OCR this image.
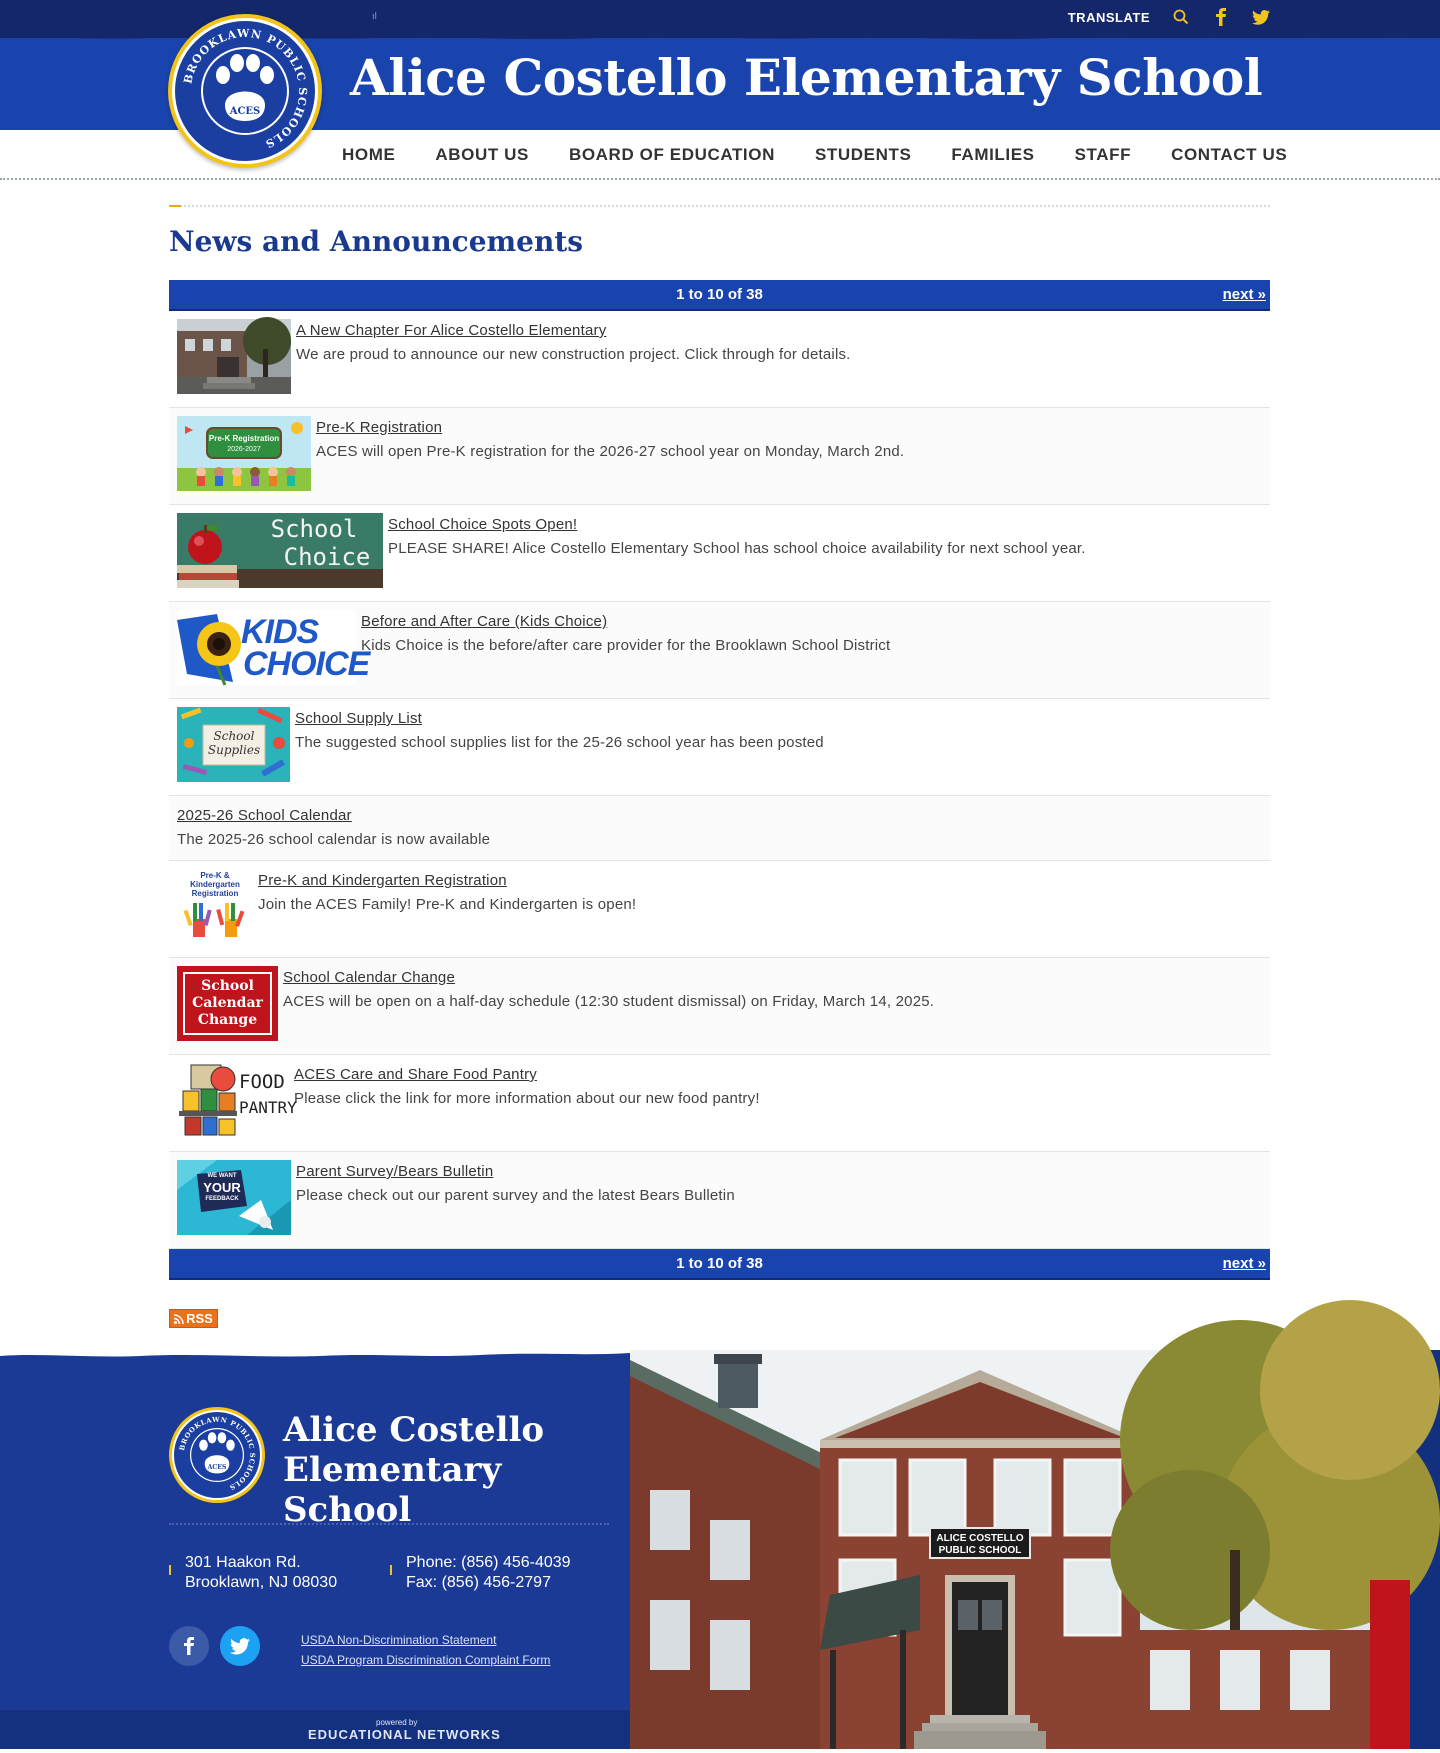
ıl	TRANSLATE
Alice Costello Elementary School
ACES
BROOKLAWN PUBLIC SCHOOLS
HOME	ABOUT US	BOARD OF EDUCATION	STUDENTS	FAMILIES	STAFF	CONTACT US
News and Announcements
1 to 10 of 38	next »
A New Chapter For Alice Costello Elementary
We are proud to announce our new construction project. Click through for details.
Pre-K Registration
2026-2027
Pre-K Registration
ACES will open Pre-K registration for the 2026-27 school year on Monday, March 2nd.
School
Choice
School Choice Spots Open!
PLEASE SHARE! Alice Costello Elementary School has school choice availability for next school year.
KIDS
CHOICE
Before and After Care (Kids Choice)
Kids Choice is the before/after care provider for the Brooklawn School District
School
Supplies
School Supply List
The suggested school supplies list for the 25-26 school year has been posted
2025-26 School Calendar
The 2025-26 school calendar is now available
Pre-K &
Kindergarten
Registration
Pre-K and Kindergarten Registration
Join the ACES Family! Pre-K and Kindergarten is open!
School
Calendar
Change
School Calendar Change
ACES will be open on a half-day schedule (12:30 student dismissal) on Friday, March 14, 2025.
FOOD
PANTRY
ACES Care and Share Food Pantry
Please click the link for more information about our new food pantry!
WE WANT
YOUR
FEEDBACK
Parent Survey/Bears Bulletin
Please check out our parent survey and the latest Bears Bulletin
1 to 10 of 38	next »
RSS
BROOKLAWN PUBLIC SCHOOLS
ACES
Alice Costello
Elementary School
301 Haakon Rd.
Brooklawn, NJ 08030
Phone: (856) 456-4039
Fax: (856) 456-2797
USDA Non-Discrimination Statement
USDA Program Discrimination Complaint Form
powered by
EDUCATIONAL NETWORKS
ALICE COSTELLO
PUBLIC SCHOOL
